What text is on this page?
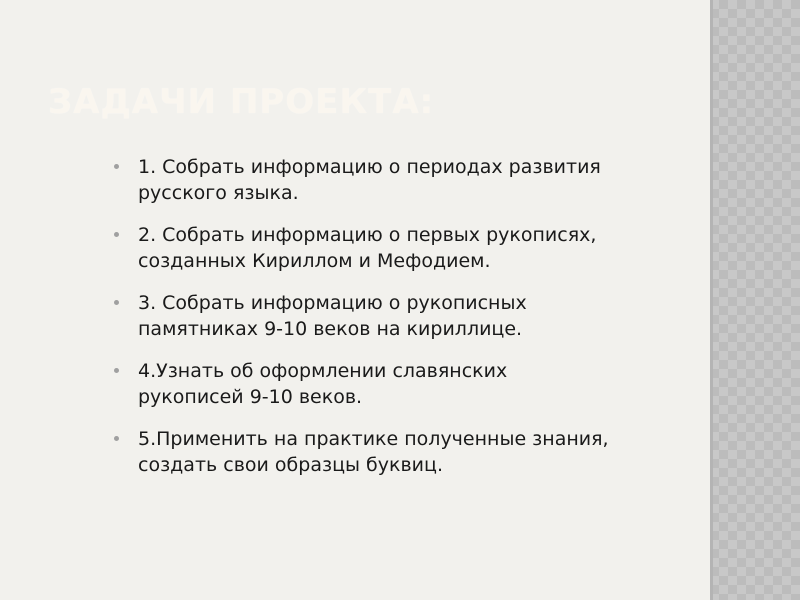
ЗАДАЧИ ПРОЕКТА:
1. Собрать информацию о периодах развития
русского языка.
2. Собрать информацию о первых рукописях,
созданных Кириллом и Мефодием.
3. Собрать информацию о рукописных
памятниках 9-10 веков на кириллице.
4.Узнать об оформлении славянских
рукописей 9-10 веков.
5.Применить на практике полученные знания,
создать свои образцы буквиц.
